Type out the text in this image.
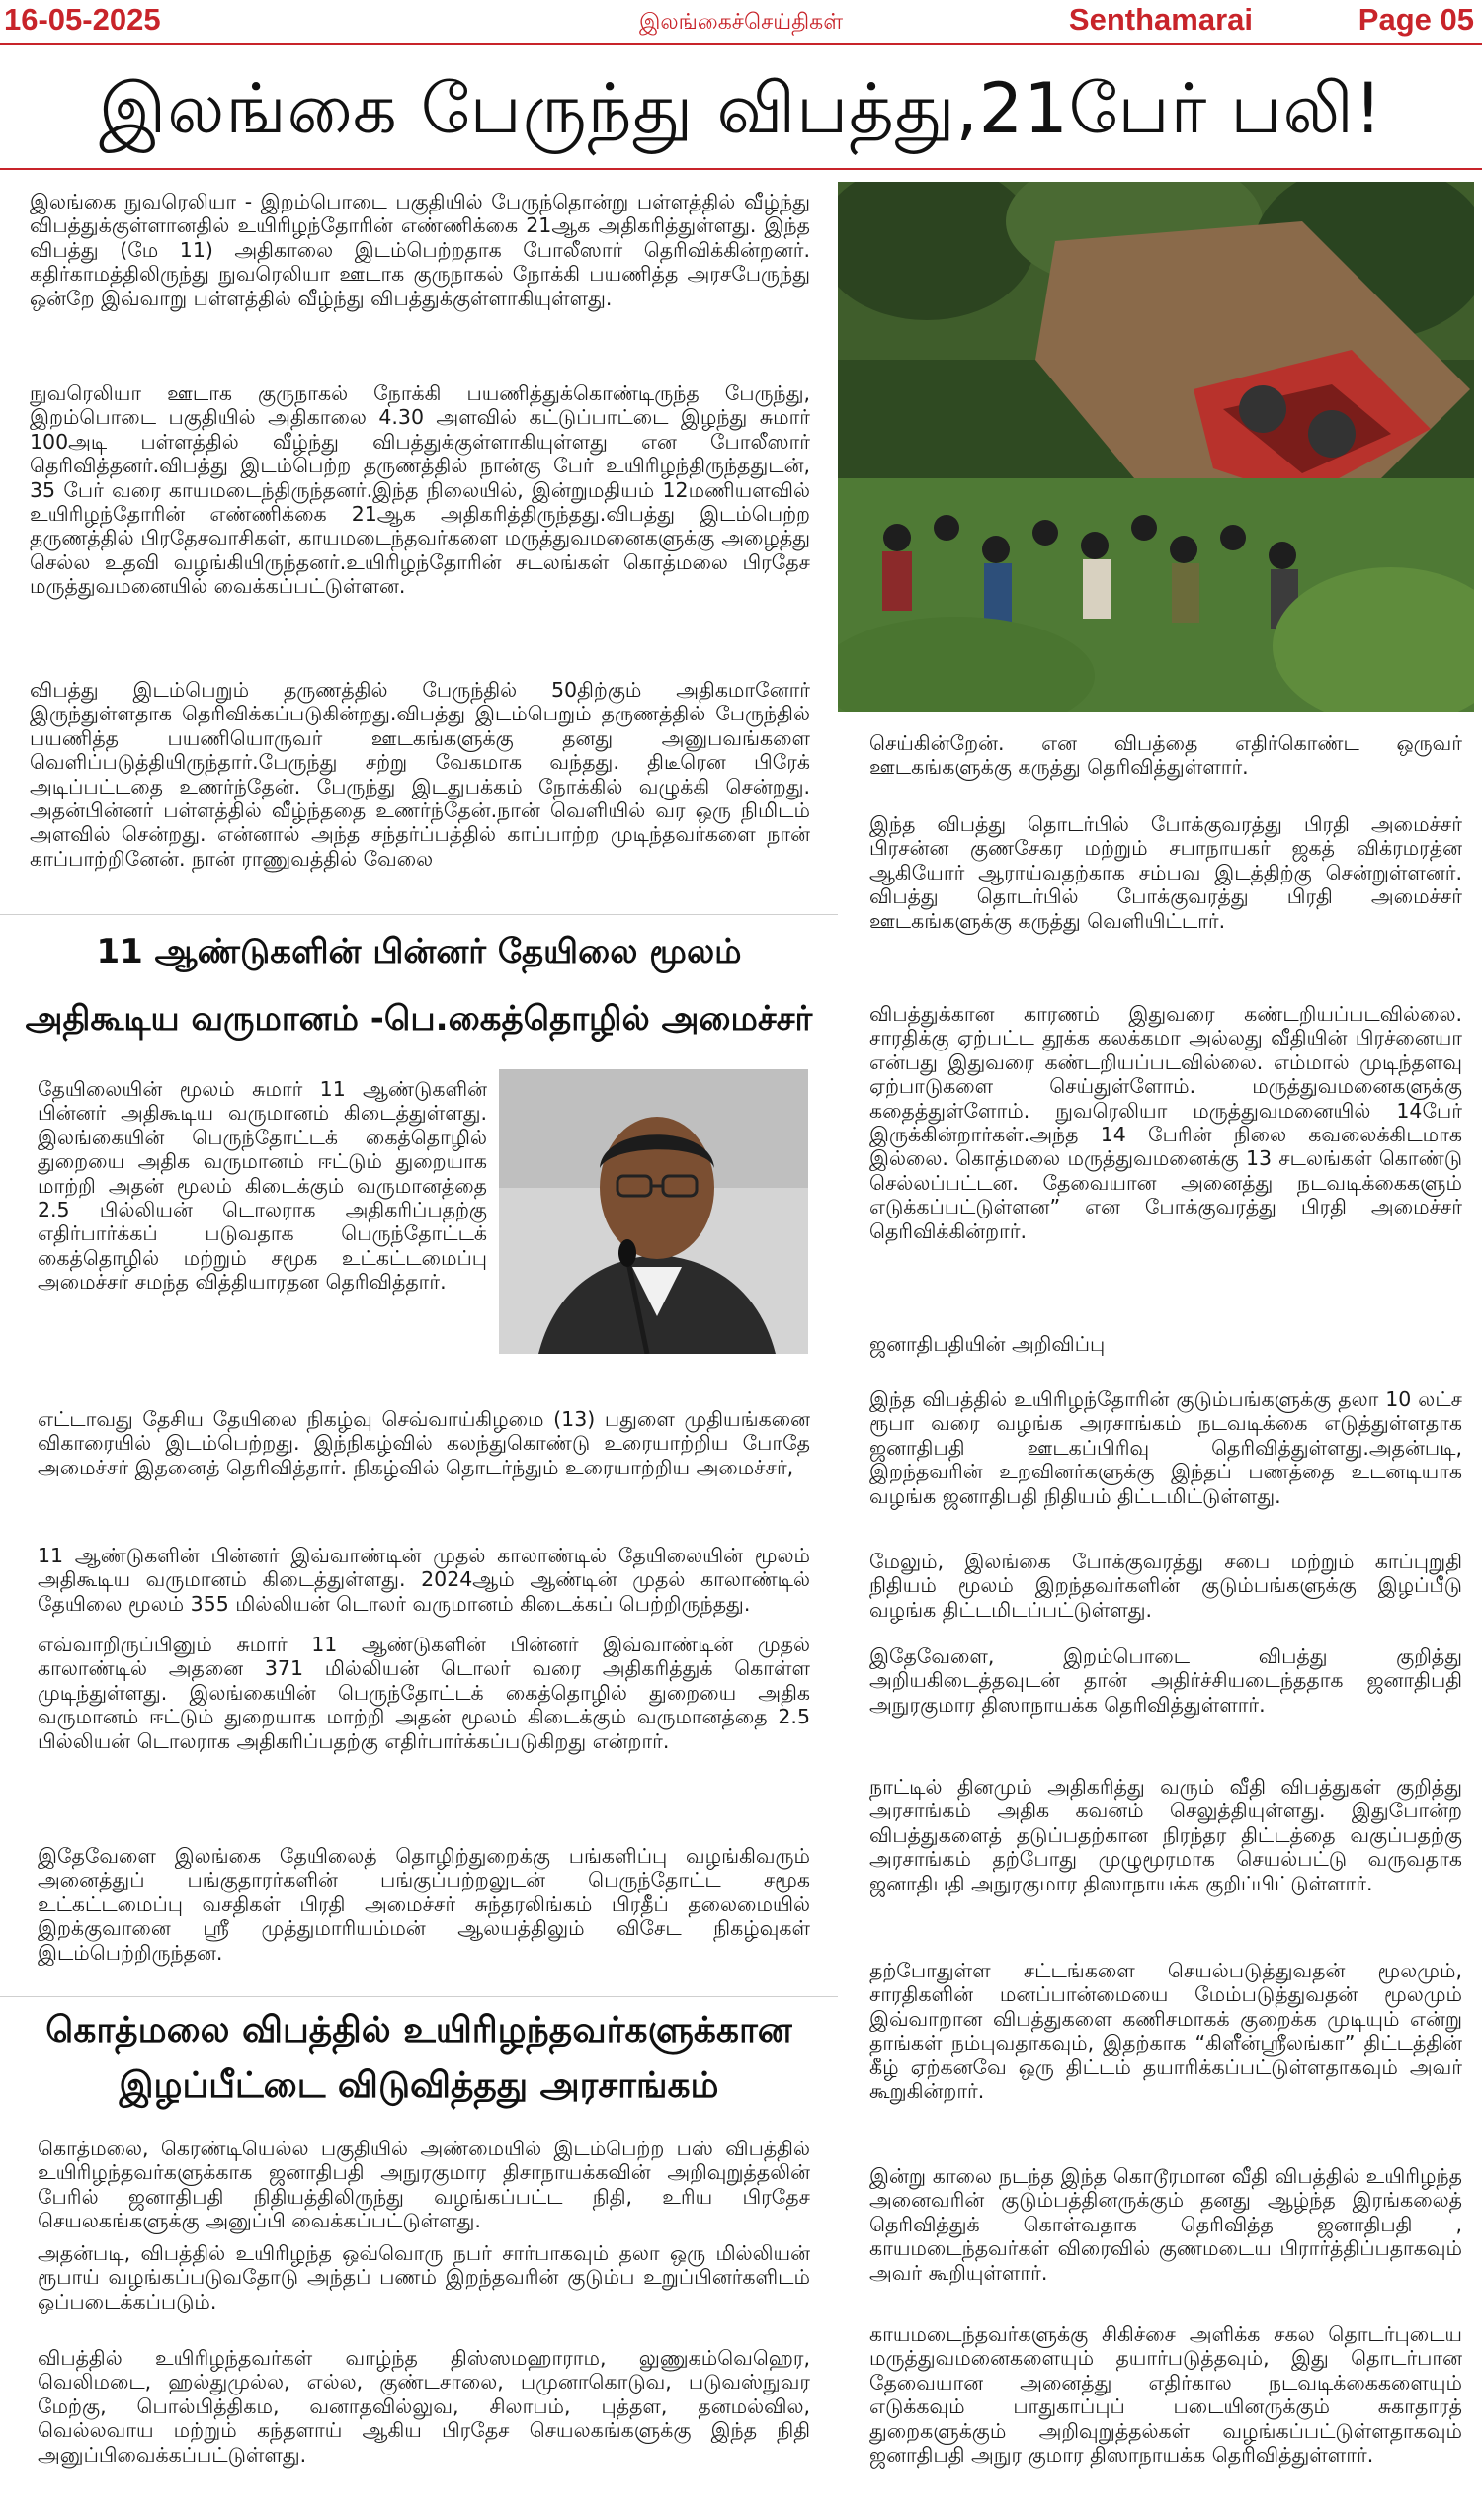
16-05-2025	இலங்கைச்செய்திகள்	Senthamarai	Page 05
இலங்கை பேருந்து விபத்து,21பேர் பலி!

இலங்கை நுவரெலியா - இறம்பொடை பகுதியில் பேருந்தொன்று பள்ளத்தில் வீழ்ந்து விபத்துக்குள்ளானதில் உயிரிழந்தோரின் எண்ணிக்கை 21ஆக அதிகரித்துள்ளது. இந்த விபத்து (மே 11) அதிகாலை இடம்பெற்றதாக போலீஸார் தெரிவிக்கின்றனர். கதிர்காமத்திலிருந்து நுவரெலியா ஊடாக குருநாகல் நோக்கி பயணித்த அரசபேருந்து ஒன்றே இவ்வாறு பள்ளத்தில் வீழ்ந்து விபத்துக்குள்ளாகியுள்ளது.

நுவரெலியா ஊடாக குருநாகல் நோக்கி பயணித்துக்கொண்டிருந்த பேருந்து, இறம்பொடை பகுதியில் அதிகாலை 4.30 அளவில் கட்டுப்பாட்டை இழந்து சுமார் 100அடி பள்ளத்தில் வீழ்ந்து விபத்துக்குள்ளாகியுள்ளது என போலீஸார் தெரிவித்தனர்.விபத்து இடம்பெற்ற தருணத்தில் நான்கு பேர் உயிரிழந்திருந்ததுடன், 35 பேர் வரை காயமடைந்திருந்தனர்.இந்த நிலையில், இன்றுமதியம் 12மணியளவில் உயிரிழந்தோரின் எண்ணிக்கை 21ஆக அதிகரித்திருந்தது.விபத்து இடம்பெற்ற தருணத்தில் பிரதேசவாசிகள், காயமடைந்தவர்களை மருத்துவமனைகளுக்கு அழைத்து செல்ல உதவி வழங்கியிருந்தனர்.உயிரிழந்தோரின் சடலங்கள் கொத்மலை பிரதேச மருத்துவமனையில் வைக்கப்பட்டுள்ளன.

விபத்து இடம்பெறும் தருணத்தில் பேருந்தில் 50திற்கும் அதிகமானோர் இருந்துள்ளதாக தெரிவிக்கப்படுகின்றது.விபத்து இடம்பெறும் தருணத்தில் பேருந்தில் பயணித்த பயணியொருவர் ஊடகங்களுக்கு தனது அனுபவங்களை வெளிப்படுத்தியிருந்தார்.பேருந்து சற்று வேகமாக வந்தது. திடீரென பிரேக் அடிப்பட்டதை உணர்ந்தேன். பேருந்து இடதுபக்கம் நோக்கில் வழுக்கி சென்றது. அதன்பின்னர் பள்ளத்தில் வீழ்ந்ததை உணர்ந்தேன்.நான் வெளியில் வர ஒரு நிமிடம் அளவில் சென்றது. என்னால் அந்த சந்தர்ப்பத்தில் காப்பாற்ற முடிந்தவர்களை நான் காப்பாற்றினேன். நான் ராணுவத்தில் வேலை

11 ஆண்டுகளின் பின்னர் தேயிலை மூலம்

அதிகூடிய வருமானம் -பெ.கைத்தொழில் அமைச்சர்

தேயிலையின் மூலம் சுமார் 11 ஆண்டுகளின் பின்னர் அதிகூடிய வருமானம் கிடைத்துள்ளது. இலங்கையின் பெருந்தோட்டக் கைத்தொழில் துறையை அதிக வருமானம் ஈட்டும் துறையாக மாற்றி அதன் மூலம் கிடைக்கும் வருமானத்தை 2.5 பில்லியன் டொலராக அதிகரிப்பதற்கு எதிர்பார்க்கப் படுவதாக பெருந்தோட்டக் கைத்தொழில் மற்றும் சமூக உட்கட்டமைப்பு அமைச்சர் சமந்த வித்தியாரதன தெரிவித்தார்.

எட்டாவது தேசிய தேயிலை நிகழ்வு செவ்வாய்கிழமை (13) பதுளை முதியங்கனை விகாரையில் இடம்பெற்றது. இந்நிகழ்வில் கலந்துகொண்டு உரையாற்றிய போதே அமைச்சர் இதனைத் தெரிவித்தார். நிகழ்வில் தொடர்ந்தும் உரையாற்றிய அமைச்சர்,

11 ஆண்டுகளின் பின்னர் இவ்வாண்டின் முதல் காலாண்டில் தேயிலையின் மூலம் அதிகூடிய வருமானம் கிடைத்துள்ளது. 2024ஆம் ஆண்டின் முதல் காலாண்டில் தேயிலை மூலம் 355 மில்லியன் டொலர் வருமானம் கிடைக்கப் பெற்றிருந்தது.

எவ்வாறிருப்பினும் சுமார் 11 ஆண்டுகளின் பின்னர் இவ்வாண்டின் முதல் காலாண்டில் அதனை 371 மில்லியன் டொலர் வரை அதிகரித்துக் கொள்ள முடிந்துள்ளது. இலங்கையின் பெருந்தோட்டக் கைத்தொழில் துறையை அதிக வருமானம் ஈட்டும் துறையாக மாற்றி அதன் மூலம் கிடைக்கும் வருமானத்தை 2.5 பில்லியன் டொலராக அதிகரிப்பதற்கு எதிர்பார்க்கப்படுகிறது என்றார்.

இதேவேளை இலங்கை தேயிலைத் தொழிற்துறைக்கு பங்களிப்பு வழங்கிவரும் அனைத்துப் பங்குதாரர்களின் பங்குப்பற்றலுடன் பெருந்தோட்ட சமூக உட்கட்டமைப்பு வசதிகள் பிரதி அமைச்சர் சுந்தரலிங்கம் பிரதீப் தலைமையில் இறக்குவானை ஸ்ரீ முத்துமாரியம்மன் ஆலயத்திலும் விசேட நிகழ்வுகள் இடம்பெற்றிருந்தன.

கொத்மலை விபத்தில் உயிரிழந்தவர்களுக்கான

இழப்பீட்டை விடுவித்தது அரசாங்கம்

கொத்மலை, கெரண்டியெல்ல பகுதியில் அண்மையில் இடம்பெற்ற பஸ் விபத்தில் உயிரிழந்தவர்களுக்காக ஜனாதிபதி அநுரகுமார திசாநாயக்கவின் அறிவுறுத்தலின் பேரில் ஜனாதிபதி நிதியத்திலிருந்து வழங்கப்பட்ட நிதி, உரிய பிரதேச செயலகங்களுக்கு அனுப்பி வைக்கப்பட்டுள்ளது.

அதன்படி, விபத்தில் உயிரிழந்த ஒவ்வொரு நபர் சார்பாகவும் தலா ஒரு மில்லியன் ரூபாய் வழங்கப்படுவதோடு அந்தப் பணம் இறந்தவரின் குடும்ப உறுப்பினர்களிடம் ஒப்படைக்கப்படும்.

விபத்தில் உயிரிழந்தவர்கள் வாழ்ந்த திஸ்ஸமஹாராம, லுணுகம்வெஹெர, வெலிமடை, ஹல்துமுல்ல, எல்ல, குண்டசாலை, பமுனாகொடுவ, படுவஸ்நுவர மேற்கு, பொல்பித்திகம, வனாதவில்லுவ, சிலாபம், புத்தள, தனமல்வில, வெல்லவாய மற்றும் கந்தளாய் ஆகிய பிரதேச செயலகங்களுக்கு இந்த நிதி அனுப்பிவைக்கப்பட்டுள்ளது.

செய்கின்றேன். என விபத்தை எதிர்கொண்ட ஒருவர் ஊடகங்களுக்கு கருத்து தெரிவித்துள்ளார்.

இந்த விபத்து தொடர்பில் போக்குவரத்து பிரதி அமைச்சர் பிரசன்ன குணசேகர மற்றும் சபாநாயகர் ஜகத் விக்ரமரத்ன ஆகியோர் ஆராய்வதற்காக சம்பவ இடத்திற்கு சென்றுள்ளனர். விபத்து தொடர்பில் போக்குவரத்து பிரதி அமைச்சர் ஊடகங்களுக்கு கருத்து வெளியிட்டார்.

விபத்துக்கான காரணம் இதுவரை கண்டறியப்படவில்லை. சாரதிக்கு ஏற்பட்ட தூக்க கலக்கமா அல்லது வீதியின் பிரச்னையா என்பது இதுவரை கண்டறியப்படவில்லை. எம்மால் முடிந்தளவு ஏற்பாடுகளை செய்துள்ளோம். மருத்துவமனைகளுக்கு கதைத்துள்ளோம். நுவரெலியா மருத்துவமனையில் 14பேர் இருக்கின்றார்கள்.அந்த 14 பேரின் நிலை கவலைக்கிடமாக இல்லை. கொத்மலை மருத்துவமனைக்கு 13 சடலங்கள் கொண்டு செல்லப்பட்டன. தேவையான அனைத்து நடவடிக்கைகளும் எடுக்கப்பட்டுள்ளன” என போக்குவரத்து பிரதி அமைச்சர் தெரிவிக்கின்றார்.

ஜனாதிபதியின் அறிவிப்பு

இந்த விபத்தில் உயிரிழந்தோரின் குடும்பங்களுக்கு தலா 10 லட்ச ரூபா வரை வழங்க அரசாங்கம் நடவடிக்கை எடுத்துள்ளதாக ஜனாதிபதி ஊடகப்பிரிவு தெரிவித்துள்ளது.அதன்படி, இறந்தவரின் உறவினர்களுக்கு இந்தப் பணத்தை உடனடியாக வழங்க ஜனாதிபதி நிதியம் திட்டமிட்டுள்ளது.

மேலும், இலங்கை போக்குவரத்து சபை மற்றும் காப்புறுதி நிதியம் மூலம் இறந்தவர்களின் குடும்பங்களுக்கு இழப்பீடு வழங்க திட்டமிடப்பட்டுள்ளது.

இதேவேளை, இறம்பொடை விபத்து குறித்து அறியகிடைத்தவுடன் தான் அதிர்ச்சியடைந்ததாக ஜனாதிபதி அநுரகுமார திஸாநாயக்க தெரிவித்துள்ளார்.

நாட்டில் தினமும் அதிகரித்து வரும் வீதி விபத்துகள் குறித்து அரசாங்கம் அதிக கவனம் செலுத்தியுள்ளது. இதுபோன்ற விபத்துகளைத் தடுப்பதற்கான நிரந்தர திட்டத்தை வகுப்பதற்கு அரசாங்கம் தற்போது முழுமூரமாக செயல்பட்டு வருவதாக ஜனாதிபதி அநுரகுமார திஸாநாயக்க குறிப்பிட்டுள்ளார்.

தற்போதுள்ள சட்டங்களை செயல்படுத்துவதன் மூலமும், சாரதிகளின் மனப்பான்மையை மேம்படுத்துவதன் மூலமும் இவ்வாறான விபத்துகளை கணிசமாகக் குறைக்க முடியும் என்று தாங்கள் நம்புவதாகவும், இதற்காக “கிளீன்ஸ்ரீலங்கா” திட்டத்தின் கீழ் ஏற்கனவே ஒரு திட்டம் தயாரிக்கப்பட்டுள்ளதாகவும் அவர் கூறுகின்றார்.

இன்று காலை நடந்த இந்த கொடூரமான வீதி விபத்தில் உயிரிழந்த அனைவரின் குடும்பத்தினருக்கும் தனது ஆழ்ந்த இரங்கலைத் தெரிவித்துக் கொள்வதாக தெரிவித்த ஜனாதிபதி , காயமடைந்தவர்கள் விரைவில் குணமடைய பிரார்த்திப்பதாகவும் அவர் கூறியுள்ளார்.

காயமடைந்தவர்களுக்கு சிகிச்சை அளிக்க சகல தொடர்புடைய மருத்துவமனைகளையும் தயார்படுத்தவும், இது தொடர்பான தேவையான அனைத்து எதிர்கால நடவடிக்கைகளையும் எடுக்கவும் பாதுகாப்புப் படையினருக்கும் சுகாதாரத் துறைகளுக்கும் அறிவுறுத்தல்கள் வழங்கப்பட்டுள்ளதாகவும் ஜனாதிபதி அநுர குமார திஸாநாயக்க தெரிவித்துள்ளார்.
